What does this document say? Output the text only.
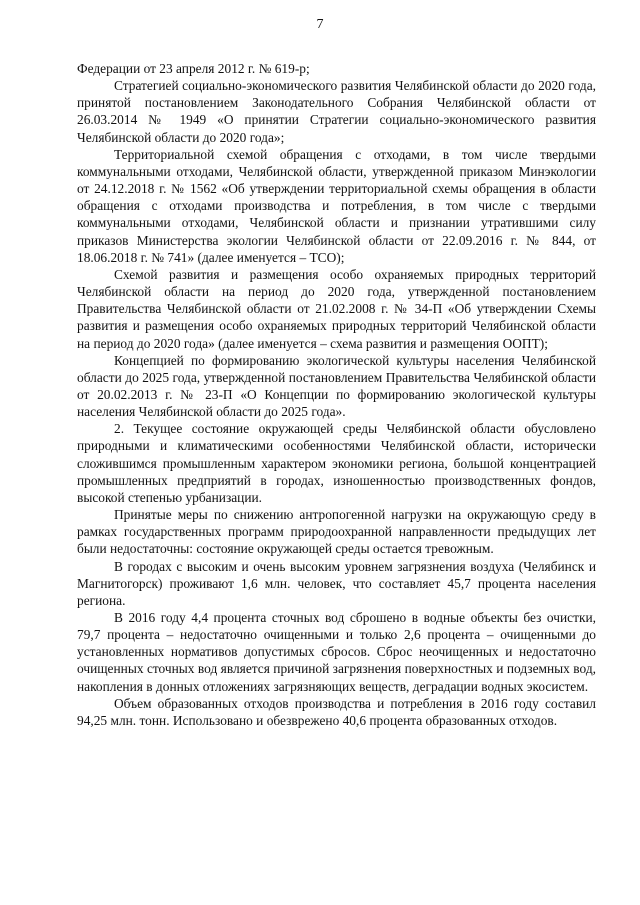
7

Федерации от 23 апреля 2012 г. № 619-р;

Стратегией социально-экономического развития Челябинской области до 2020 года, принятой постановлением Законодательного Собрания Челябинской области от 26.03.2014 № 1949 «О принятии Стратегии социально-экономического развития Челябинской области до 2020 года»;

Территориальной схемой обращения с отходами, в том числе твердыми коммунальными отходами, Челябинской области, утвержденной приказом Минэкологии от 24.12.2018 г. № 1562 «Об утверждении территориальной схемы обращения в области обращения с отходами производства и потребления, в том числе с твердыми коммунальными отходами, Челябинской области и признании утратившими силу приказов Министерства экологии Челябинской области от 22.09.2016 г. № 844, от 18.06.2018 г. № 741» (далее именуется – ТСО);

Схемой развития и размещения особо охраняемых природных территорий Челябинской области на период до 2020 года, утвержденной постановлением Правительства Челябинской области от 21.02.2008 г. № 34-П «Об утверждении Схемы развития и размещения особо охраняемых природных территорий Челябинской области на период до 2020 года» (далее именуется – схема развития и размещения ООПТ);

Концепцией по формированию экологической культуры населения Челябинской области до 2025 года, утвержденной постановлением Правительства Челябинской области от 20.02.2013 г. № 23-П «О Концепции по формированию экологической культуры населения Челябинской области до 2025 года».

2. Текущее состояние окружающей среды Челябинской области обусловлено природными и климатическими особенностями Челябинской области, исторически сложившимся промышленным характером экономики региона, большой концентрацией промышленных предприятий в городах, изношенностью производственных фондов, высокой степенью урбанизации.

Принятые меры по снижению антропогенной нагрузки на окружающую среду в рамках государственных программ природоохранной направленности предыдущих лет были недостаточны: состояние окружающей среды остается тревожным.

В городах с высоким и очень высоким уровнем загрязнения воздуха (Челябинск и Магнитогорск) проживают 1,6 млн. человек, что составляет 45,7 процента населения региона.

В 2016 году 4,4 процента сточных вод сброшено в водные объекты без очистки, 79,7 процента – недостаточно очищенными и только 2,6 процента – очищенными до установленных нормативов допустимых сбросов. Сброс неочищенных и недостаточно очищенных сточных вод является причиной загрязнения поверхностных и подземных вод, накопления в донных отложениях загрязняющих веществ, деградации водных экосистем.

Объем образованных отходов производства и потребления в 2016 году составил 94,25 млн. тонн. Использовано и обезврежено 40,6 процента образованных отходов.
